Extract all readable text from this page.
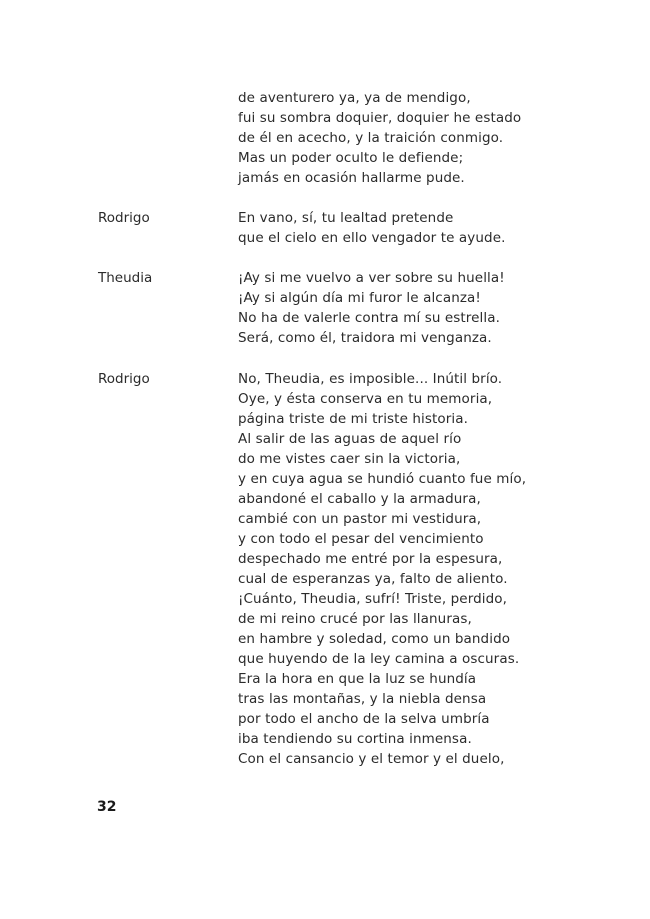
de aventurero ya, ya de mendigo,
fui su sombra doquier, doquier he estado
de él en acecho, y la traición conmigo.
Mas un poder oculto le defiende;
jamás en ocasión hallarme pude.
Rodrigo	En vano, sí, tu lealtad pretende
que el cielo en ello vengador te ayude.
Theudia	¡Ay si me vuelvo a ver sobre su huella!
¡Ay si algún día mi furor le alcanza!
No ha de valerle contra mí su estrella.
Será, como él, traidora mi venganza.
Rodrigo	No, Theudia, es imposible... Inútil brío.
Oye, y ésta conserva en tu memoria,
página triste de mi triste historia.
Al salir de las aguas de aquel río
do me vistes caer sin la victoria,
y en cuya agua se hundió cuanto fue mío,
abandoné el caballo y la armadura,
cambié con un pastor mi vestidura,
y con todo el pesar del vencimiento
despechado me entré por la espesura,
cual de esperanzas ya, falto de aliento.
¡Cuánto, Theudia, sufrí! Triste, perdido,
de mi reino crucé por las llanuras,
en hambre y soledad, como un bandido
que huyendo de la ley camina a oscuras.
Era la hora en que la luz se hundía
tras las montañas, y la niebla densa
por todo el ancho de la selva umbría
iba tendiendo su cortina inmensa.
Con el cansancio y el temor y el duelo,
32
